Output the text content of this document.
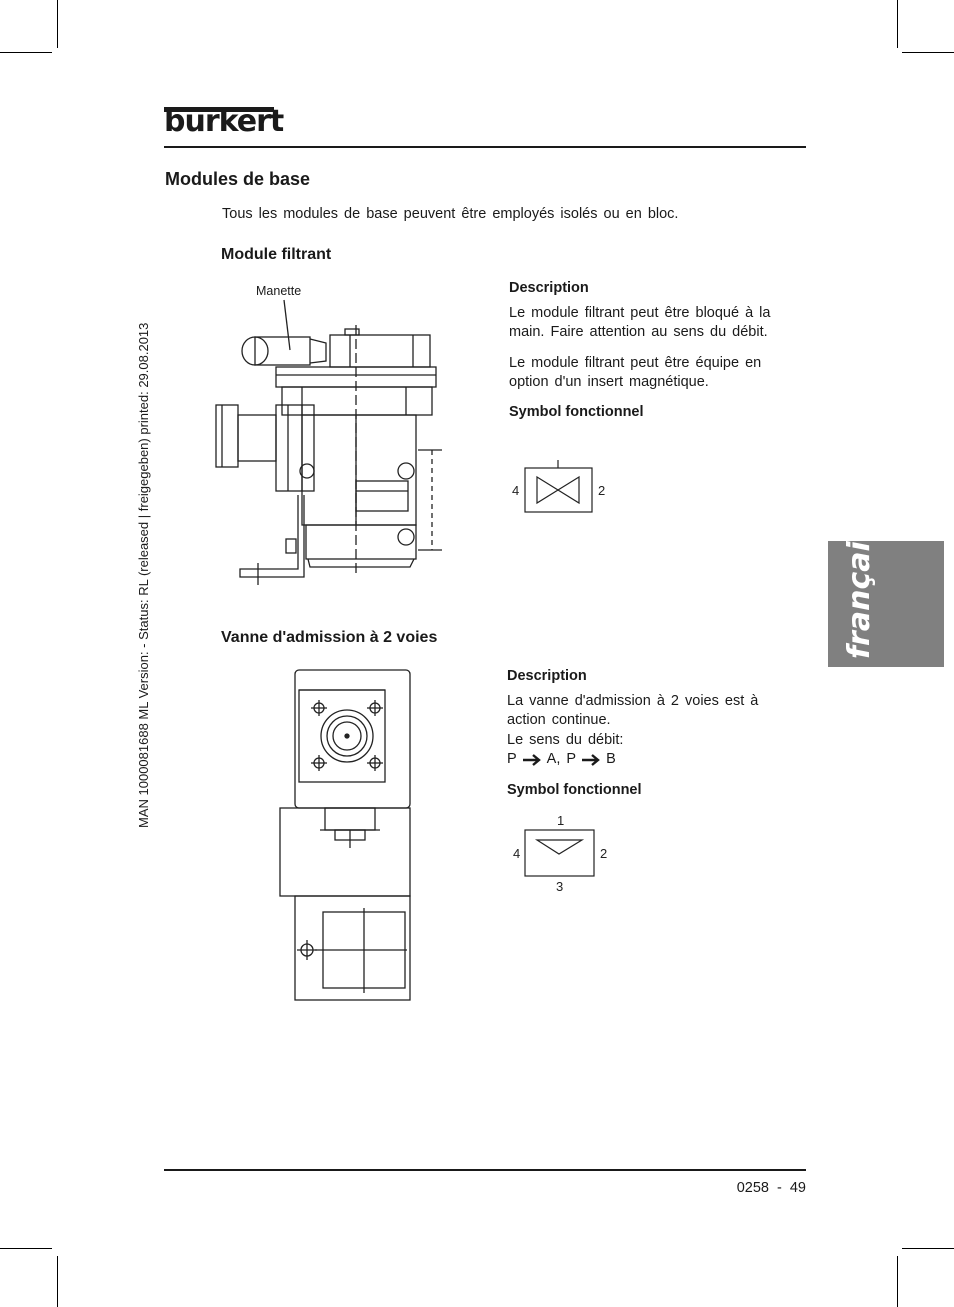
bürkert
MAN 1000081688 ML Version: - Status: RL (released | freigegeben) printed: 29.08.2013	français
Modules de base
Tous les modules de base peuvent être employés isolés ou en bloc.
Module filtrant
Manette	Description
Le module filtrant peut être bloqué à la
main. Faire attention au sens du débit.
Le module filtrant peut être équipe en
option d'un insert magnétique.
Symbol fonctionnel
4	2
Vanne d'admission à 2 voies
Description
La vanne d'admission à 2 voies est à
action continue.
Le sens du débit:
P A, P B
Symbol fonctionnel
1
4	2
3
0258 - 49
